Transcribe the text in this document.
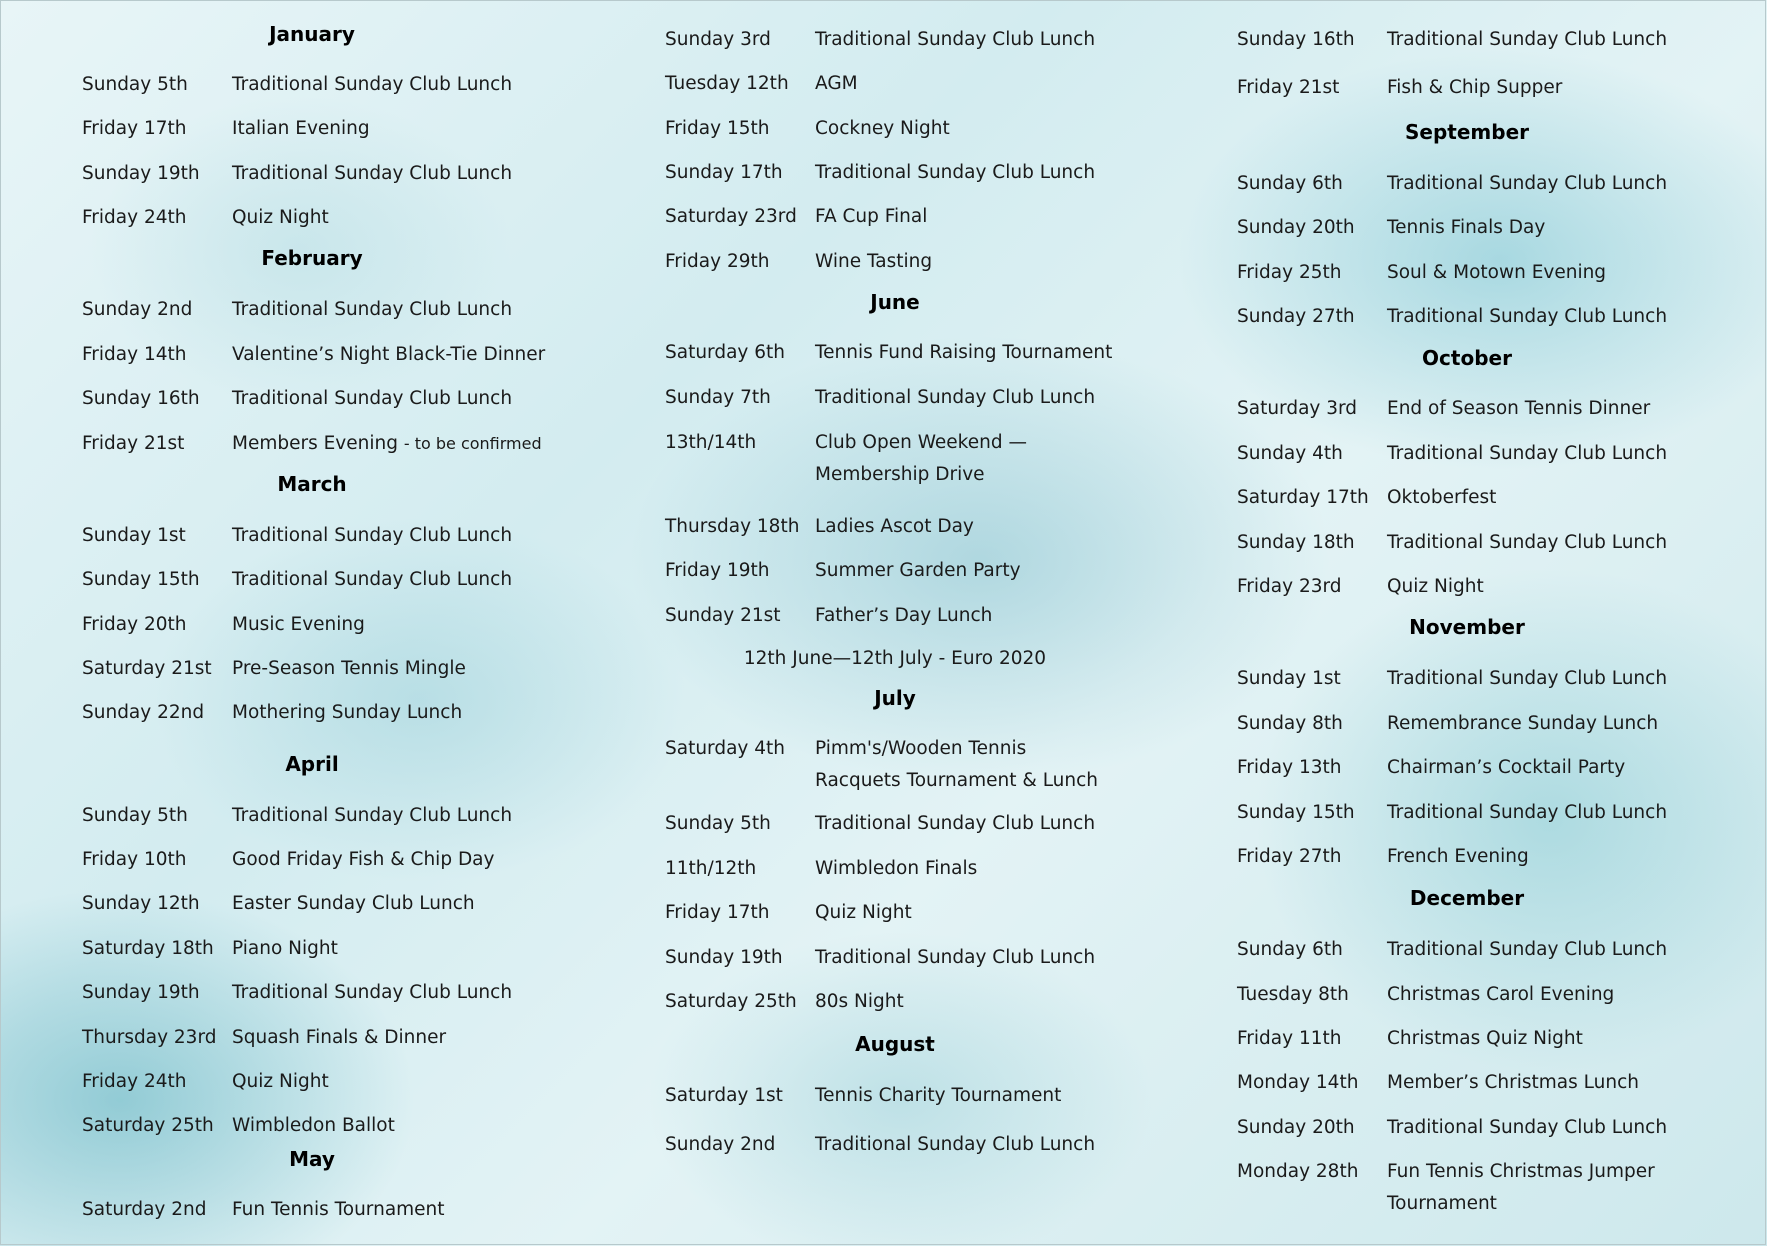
January
Sunday 5th Traditional Sunday Club Lunch
Friday 17th Italian Evening
Sunday 19th Traditional Sunday Club Lunch
Friday 24th Quiz Night
February
Sunday 2nd Traditional Sunday Club Lunch
Friday 14th Valentine’s Night Black-Tie Dinner
Sunday 16th Traditional Sunday Club Lunch
Friday 21st	Members Evening - to be confirmed
March
Sunday 1st Traditional Sunday Club Lunch
Sunday 15th Traditional Sunday Club Lunch
Friday 20th Music Evening
Saturday 21st Pre-Season Tennis Mingle
Sunday 22nd Mothering Sunday Lunch
April
Sunday 5th Traditional Sunday Club Lunch
Friday 10th Good Friday Fish & Chip Day
Sunday 12th Easter Sunday Club Lunch
Saturday 18th Piano Night
Sunday 19th Traditional Sunday Club Lunch
Thursday 23rd Squash Finals & Dinner
Friday 24th Quiz Night
Saturday 25th Wimbledon Ballot
May
Saturday 2nd Fun Tennis Tournament
Sunday 3rd Traditional Sunday Club Lunch
Tuesday 12th AGM
Friday 15th Cockney Night
Sunday 17th Traditional Sunday Club Lunch
Saturday 23rd FA Cup Final
Friday 29th Wine Tasting
June
Saturday 6th Tennis Fund Raising Tournament
Sunday 7th Traditional Sunday Club Lunch
13th/14th	Club Open Weekend —
Membership Drive
Thursday 18th Ladies Ascot Day
Friday 19th Summer Garden Party
Sunday 21st Father’s Day Lunch
12th June—12th July - Euro 2020
July
Saturday 4th Pimm's/Wooden Tennis
Racquets Tournament & Lunch
Sunday 5th Traditional Sunday Club Lunch
11th/12th	Wimbledon Finals
Friday 17th Quiz Night
Sunday 19th Traditional Sunday Club Lunch
Saturday 25th 80s Night
August
Saturday 1st Tennis Charity Tournament
Sunday 2nd Traditional Sunday Club Lunch
Sunday 16th Traditional Sunday Club Lunch
Friday 21st	Fish & Chip Supper
September
Sunday 6th Traditional Sunday Club Lunch
Sunday 20th Tennis Finals Day
Friday 25th Soul & Motown Evening
Sunday 27th Traditional Sunday Club Lunch
October
Saturday 3rd End of Season Tennis Dinner
Sunday 4th Traditional Sunday Club Lunch
Saturday 17th Oktoberfest
Sunday 18th Traditional Sunday Club Lunch
Friday 23rd Quiz Night
November
Sunday 1st Traditional Sunday Club Lunch
Sunday 8th Remembrance Sunday Lunch
Friday 13th Chairman’s Cocktail Party
Sunday 15th Traditional Sunday Club Lunch
Friday 27th French Evening
December
Sunday 6th Traditional Sunday Club Lunch
Tuesday 8th Christmas Carol Evening
Friday 11th Christmas Quiz Night
Monday 14th Member’s Christmas Lunch
Sunday 20th Traditional Sunday Club Lunch
Monday 28th Fun Tennis Christmas Jumper
Tournament
